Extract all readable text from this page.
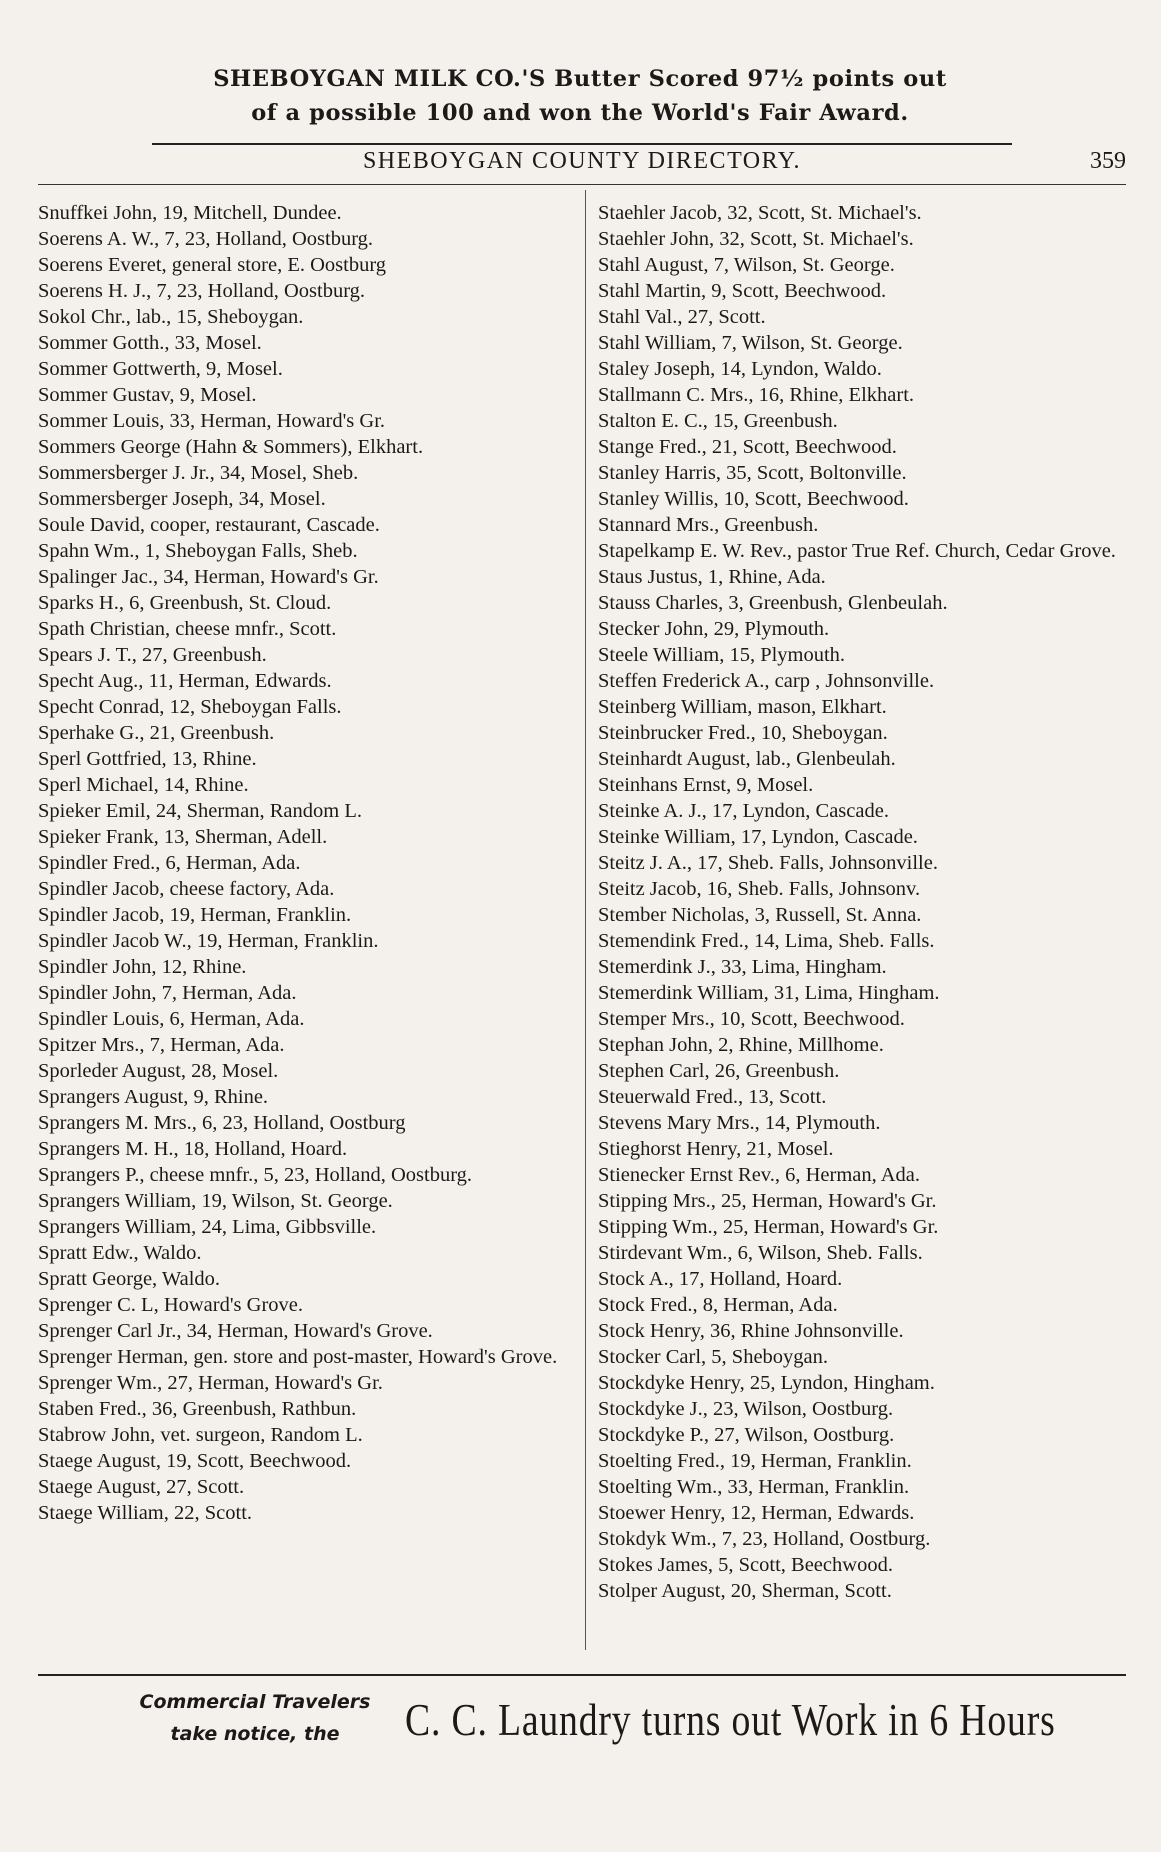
SHEBOYGAN MILK CO.'S Butter Scored 97½ points out
of a possible 100 and won the World's Fair Award.
SHEBOYGAN COUNTY DIRECTORY.	359
Snuffkei John, 19, Mitchell, Dundee.
Soerens A. W., 7, 23, Holland, Oostburg.
Soerens Everet, general store, E. Oostburg
Soerens H. J., 7, 23, Holland, Oostburg.
Sokol Chr., lab., 15, Sheboygan.
Sommer Gotth., 33, Mosel.
Sommer Gottwerth, 9, Mosel.
Sommer Gustav, 9, Mosel.
Sommer Louis, 33, Herman, Howard's Gr.
Sommers George (Hahn & Sommers), Elkhart.
Sommersberger J. Jr., 34, Mosel, Sheb.
Sommersberger Joseph, 34, Mosel.
Soule David, cooper, restaurant, Cascade.
Spahn Wm., 1, Sheboygan Falls, Sheb.
Spalinger Jac., 34, Herman, Howard's Gr.
Sparks H., 6, Greenbush, St. Cloud.
Spath Christian, cheese mnfr., Scott.
Spears J. T., 27, Greenbush.
Specht Aug., 11, Herman, Edwards.
Specht Conrad, 12, Sheboygan Falls.
Sperhake G., 21, Greenbush.
Sperl Gottfried, 13, Rhine.
Sperl Michael, 14, Rhine.
Spieker Emil, 24, Sherman, Random L.
Spieker Frank, 13, Sherman, Adell.
Spindler Fred., 6, Herman, Ada.
Spindler Jacob, cheese factory, Ada.
Spindler Jacob, 19, Herman, Franklin.
Spindler Jacob W., 19, Herman, Franklin.
Spindler John, 12, Rhine.
Spindler John, 7, Herman, Ada.
Spindler Louis, 6, Herman, Ada.
Spitzer Mrs., 7, Herman, Ada.
Sporleder August, 28, Mosel.
Sprangers August, 9, Rhine.
Sprangers M. Mrs., 6, 23, Holland, Oostburg
Sprangers M. H., 18, Holland, Hoard.
Sprangers P., cheese mnfr., 5, 23, Holland, Oostburg.
Sprangers William, 19, Wilson, St. George.
Sprangers William, 24, Lima, Gibbsville.
Spratt Edw., Waldo.
Spratt George, Waldo.
Sprenger C. L, Howard's Grove.
Sprenger Carl Jr., 34, Herman, Howard's Grove.
Sprenger Herman, gen. store and post-master, Howard's Grove.
Sprenger Wm., 27, Herman, Howard's Gr.
Staben Fred., 36, Greenbush, Rathbun.
Stabrow John, vet. surgeon, Random L.
Staege August, 19, Scott, Beechwood.
Staege August, 27, Scott.
Staege William, 22, Scott.
Staehler Jacob, 32, Scott, St. Michael's.
Staehler John, 32, Scott, St. Michael's.
Stahl August, 7, Wilson, St. George.
Stahl Martin, 9, Scott, Beechwood.
Stahl Val., 27, Scott.
Stahl William, 7, Wilson, St. George.
Staley Joseph, 14, Lyndon, Waldo.
Stallmann C. Mrs., 16, Rhine, Elkhart.
Stalton E. C., 15, Greenbush.
Stange Fred., 21, Scott, Beechwood.
Stanley Harris, 35, Scott, Boltonville.
Stanley Willis, 10, Scott, Beechwood.
Stannard Mrs., Greenbush.
Stapelkamp E. W. Rev., pastor True Ref. Church, Cedar Grove.
Staus Justus, 1, Rhine, Ada.
Stauss Charles, 3, Greenbush, Glenbeulah.
Stecker John, 29, Plymouth.
Steele William, 15, Plymouth.
Steffen Frederick A., carp , Johnsonville.
Steinberg William, mason, Elkhart.
Steinbrucker Fred., 10, Sheboygan.
Steinhardt August, lab., Glenbeulah.
Steinhans Ernst, 9, Mosel.
Steinke A. J., 17, Lyndon, Cascade.
Steinke William, 17, Lyndon, Cascade.
Steitz J. A., 17, Sheb. Falls, Johnsonville.
Steitz Jacob, 16, Sheb. Falls, Johnsonv.
Stember Nicholas, 3, Russell, St. Anna.
Stemendink Fred., 14, Lima, Sheb. Falls.
Stemerdink J., 33, Lima, Hingham.
Stemerdink William, 31, Lima, Hingham.
Stemper Mrs., 10, Scott, Beechwood.
Stephan John, 2, Rhine, Millhome.
Stephen Carl, 26, Greenbush.
Steuerwald Fred., 13, Scott.
Stevens Mary Mrs., 14, Plymouth.
Stieghorst Henry, 21, Mosel.
Stienecker Ernst Rev., 6, Herman, Ada.
Stipping Mrs., 25, Herman, Howard's Gr.
Stipping Wm., 25, Herman, Howard's Gr.
Stirdevant Wm., 6, Wilson, Sheb. Falls.
Stock A., 17, Holland, Hoard.
Stock Fred., 8, Herman, Ada.
Stock Henry, 36, Rhine Johnsonville.
Stocker Carl, 5, Sheboygan.
Stockdyke Henry, 25, Lyndon, Hingham.
Stockdyke J., 23, Wilson, Oostburg.
Stockdyke P., 27, Wilson, Oostburg.
Stoelting Fred., 19, Herman, Franklin.
Stoelting Wm., 33, Herman, Franklin.
Stoewer Henry, 12, Herman, Edwards.
Stokdyk Wm., 7, 23, Holland, Oostburg.
Stokes James, 5, Scott, Beechwood.
Stolper August, 20, Sherman, Scott.
Commercial Travelers
take notice, the	C. C. Laundry turns out Work in 6 Hours
